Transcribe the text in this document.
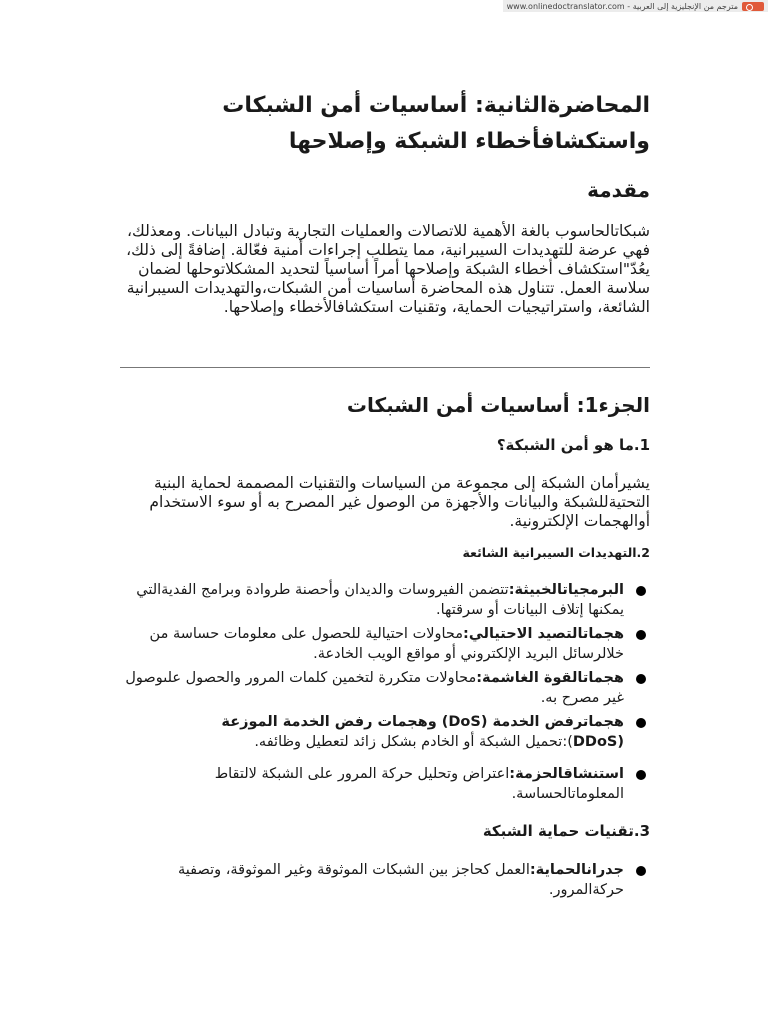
www.onlinedoctranslator.com - مترجم من الإنجليزية إلى العربية
المحاضرةالثانية: أساسيات أمن الشبكات واستكشافأخطاء الشبكة وإصلاحها
مقدمة

شبكاتالحاسوب بالغة الأهمية للاتصالات والعمليات التجارية وتبادل البيانات. ومعذلك، فهي عرضة للتهديدات السيبرانية، مما يتطلب إجراءات أمنية فعّالة. إضافةً إلى ذلك، يعُدّ"استكشاف أخطاء الشبكة وإصلاحها أمراً أساسياً لتحديد المشكلاتوحلها لضمان سلاسة العمل. تتناول هذه المحاضرة أساسيات أمن الشبكات،والتهديدات السيبرانية الشائعة، واستراتيجيات الحماية، وتقنيات استكشافالأخطاء وإصلاحها.

الجزء1: أساسيات أمن الشبكات
1.ما هو أمن الشبكة؟

يشيرأمان الشبكة إلى مجموعة من السياسات والتقنيات المصممة لحماية البنية التحتيةللشبكة والبيانات والأجهزة من الوصول غير المصرح به أو سوء الاستخدام أوالهجمات الإلكترونية.

2.التهديدات السيبرانية الشائعة
البرمجياتالخبيثة:تتضمن الفيروسات والديدان وأحصنة طروادة وبرامج الفديةالتي يمكنها إتلاف البيانات أو سرقتها.
هجماتالتصيد الاحتيالي:محاولات احتيالية للحصول على معلومات حساسة من خلالرسائل البريد الإلكتروني أو مواقع الويب الخادعة.
هجماتالقوة الغاشمة:محاولات متكررة لتخمين كلمات المرور والحصول علىوصول غير مصرح به.
هجماترفض الخدمة (DoS) وهجمات رفض الخدمة الموزعة (DDoS):تحميل الشبكة أو الخادم بشكل زائد لتعطيل وظائفه.
استنشاقالحزمة:اعتراض وتحليل حركة المرور على الشبكة لالتقاط المعلوماتالحساسة.
3.تقنيات حماية الشبكة
جدرانالحماية:العمل كحاجز بين الشبكات الموثوقة وغير الموثوقة، وتصفية حركةالمرور.
